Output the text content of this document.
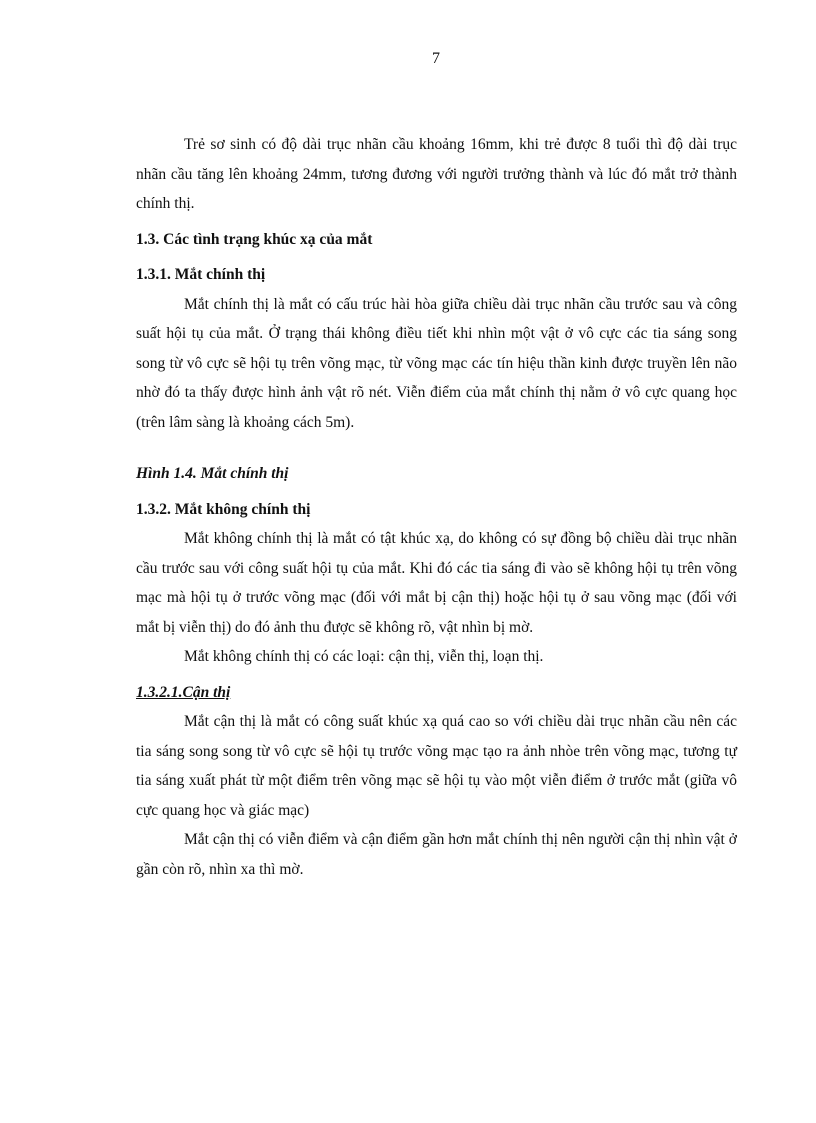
7

Trẻ sơ sinh có độ dài trục nhãn cầu khoảng 16mm, khi trẻ được 8 tuổi thì độ dài trục nhãn cầu tăng lên khoảng 24mm, tương đương với người trưởng thành và lúc đó mắt trở thành chính thị.

1.3. Các tình trạng khúc xạ của mắt

1.3.1. Mắt chính thị

Mắt chính thị là mắt có cấu trúc hài hòa giữa chiều dài trục nhãn cầu trước sau và công suất hội tụ của mắt. Ở trạng thái không điều tiết khi nhìn một vật ở vô cực các tia sáng song song từ vô cực sẽ hội tụ trên võng mạc, từ võng mạc các tín hiệu thần kinh được truyền lên não nhờ đó ta thấy được hình ảnh vật rõ nét. Viễn điểm của mắt chính thị nằm ở vô cực quang học (trên lâm sàng là khoảng cách 5m).

Hình 1.4. Mắt chính thị

1.3.2. Mắt không chính thị

Mắt không chính thị là mắt có tật khúc xạ, do không có sự đồng bộ chiều dài trục nhãn cầu trước sau với công suất hội tụ của mắt. Khi đó các tia sáng đi vào sẽ không hội tụ trên võng mạc mà hội tụ ở trước võng mạc (đối với mắt bị cận thị) hoặc hội tụ ở sau võng mạc (đối với mắt bị viễn thị) do đó ảnh thu được sẽ không rõ, vật nhìn bị mờ.

Mắt không chính thị có các loại: cận thị, viễn thị, loạn thị.

1.3.2.1.Cận thị

Mắt cận thị là mắt có công suất khúc xạ quá cao so với chiều dài trục nhãn cầu nên các tia sáng song song từ vô cực sẽ hội tụ trước võng mạc tạo ra ảnh nhòe trên võng mạc, tương tự tia sáng xuất phát từ một điểm trên võng mạc sẽ hội tụ vào một viễn điểm ở trước mắt (giữa vô cực quang học và giác mạc)

Mắt cận thị có viễn điểm và cận điểm gần hơn mắt chính thị nên người cận thị nhìn vật ở gần còn rõ, nhìn xa thì mờ.
